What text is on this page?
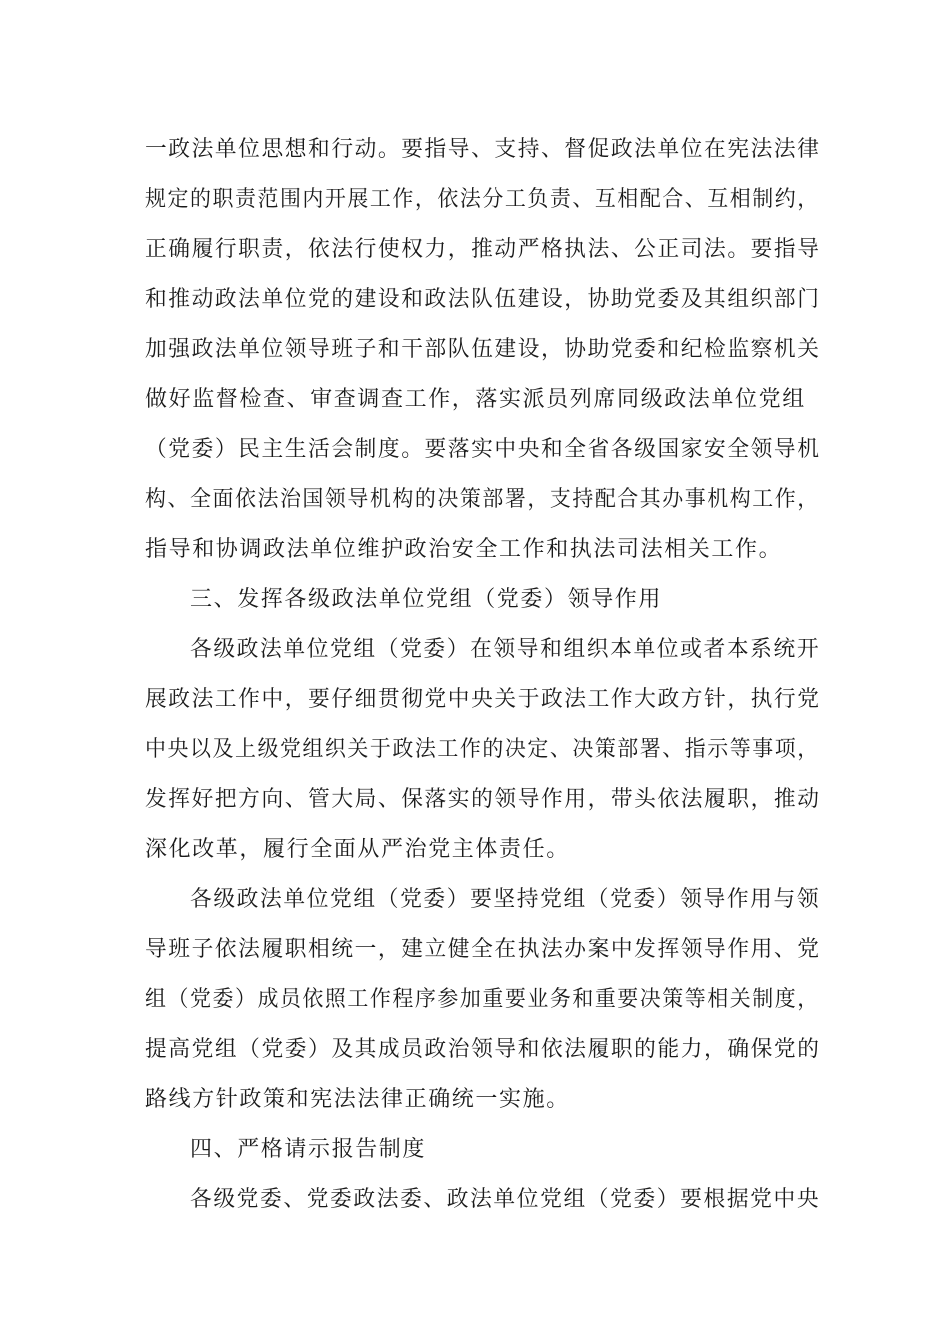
一政法单位思想和行动。要指导、支持、督促政法单位在宪法法律
规定的职责范围内开展工作，依法分工负责、互相配合、互相制约，
正确履行职责，依法行使权力，推动严格执法、公正司法。要指导
和推动政法单位党的建设和政法队伍建设，协助党委及其组织部门
加强政法单位领导班子和干部队伍建设，协助党委和纪检监察机关
做好监督检查、审查调查工作，落实派员列席同级政法单位党组
（党委）民主生活会制度。要落实中央和全省各级国家安全领导机
构、全面依法治国领导机构的决策部署，支持配合其办事机构工作，
指导和协调政法单位维护政治安全工作和执法司法相关工作。
三、发挥各级政法单位党组（党委）领导作用
各级政法单位党组（党委）在领导和组织本单位或者本系统开
展政法工作中，要仔细贯彻党中央关于政法工作大政方针，执行党
中央以及上级党组织关于政法工作的决定、决策部署、指示等事项，
发挥好把方向、管大局、保落实的领导作用，带头依法履职，推动
深化改革，履行全面从严治党主体责任。
各级政法单位党组（党委）要坚持党组（党委）领导作用与领
导班子依法履职相统一，建立健全在执法办案中发挥领导作用、党
组（党委）成员依照工作程序参加重要业务和重要决策等相关制度，
提高党组（党委）及其成员政治领导和依法履职的能力，确保党的
路线方针政策和宪法法律正确统一实施。
四、严格请示报告制度
各级党委、党委政法委、政法单位党组（党委）要根据党中央
